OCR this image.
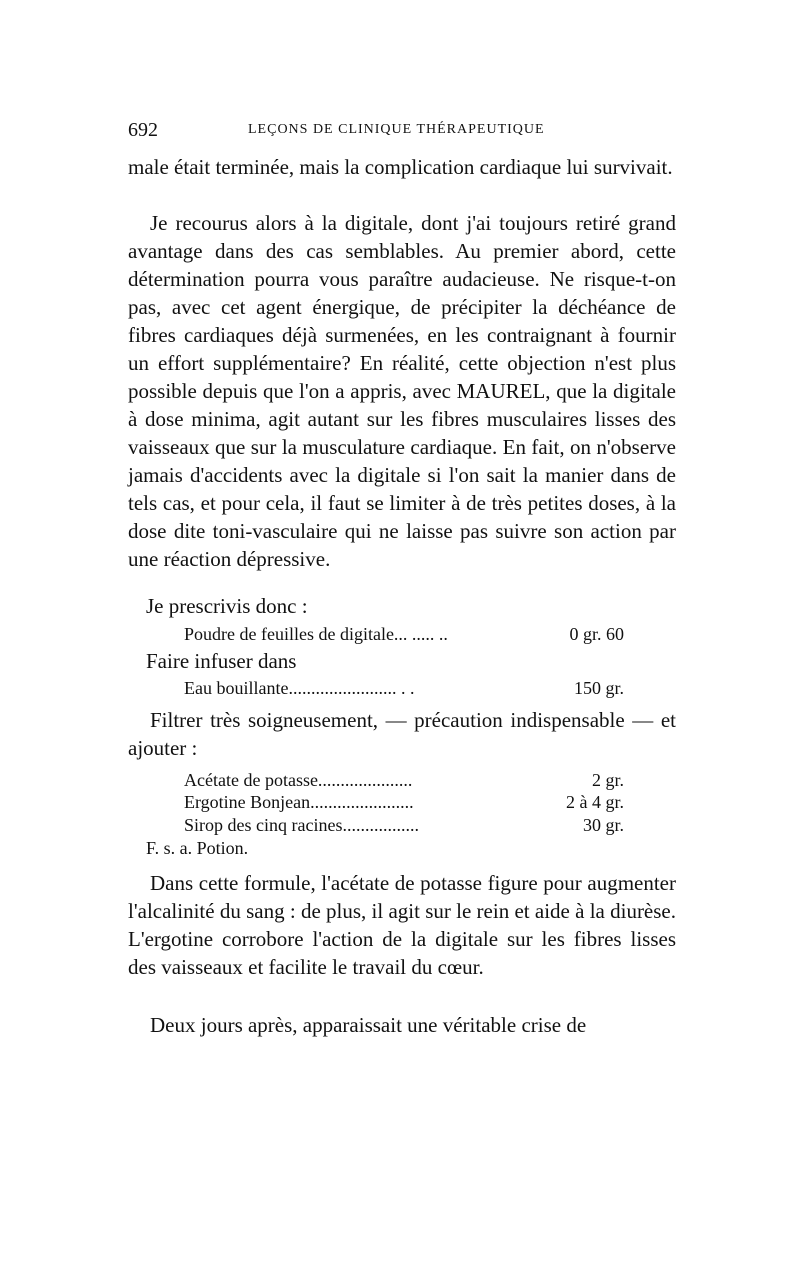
692	LEÇONS DE CLINIQUE THÉRAPEUTIQUE
male était terminée, mais la complication cardiaque lui survivait.
Je recourus alors à la digitale, dont j'ai toujours retiré grand avantage dans des cas semblables. Au premier abord, cette détermination pourra vous paraître audacieuse. Ne risque-t-on pas, avec cet agent énergique, de précipiter la déchéance de fibres cardiaques déjà surmenées, en les contraignant à fournir un effort supplémentaire? En réalité, cette objection n'est plus possible depuis que l'on a appris, avec MAUREL, que la digitale à dose minima, agit autant sur les fibres musculaires lisses des vaisseaux que sur la musculature cardiaque. En fait, on n'observe jamais d'accidents avec la digitale si l'on sait la manier dans de tels cas, et pour cela, il faut se limiter à de très petites doses, à la dose dite toni-vasculaire qui ne laisse pas suivre son action par une réaction dépressive.
Je prescrivis donc :
Poudre de feuilles de digitale... ..... ..	0 gr. 60
Faire infuser dans
Eau bouillante........................ . .	150 gr.
Filtrer très soigneusement, — précaution indispensable — et ajouter :
Acétate de potasse.....................	2 gr.
Ergotine Bonjean.......................	2 à 4 gr.
Sirop des cinq racines.................	30 gr.
F. s. a. Potion.
Dans cette formule, l'acétate de potasse figure pour augmenter l'alcalinité du sang : de plus, il agit sur le rein et aide à la diurèse. L'ergotine corrobore l'action de la digitale sur les fibres lisses des vaisseaux et facilite le travail du cœur.
Deux jours après, apparaissait une véritable crise de
